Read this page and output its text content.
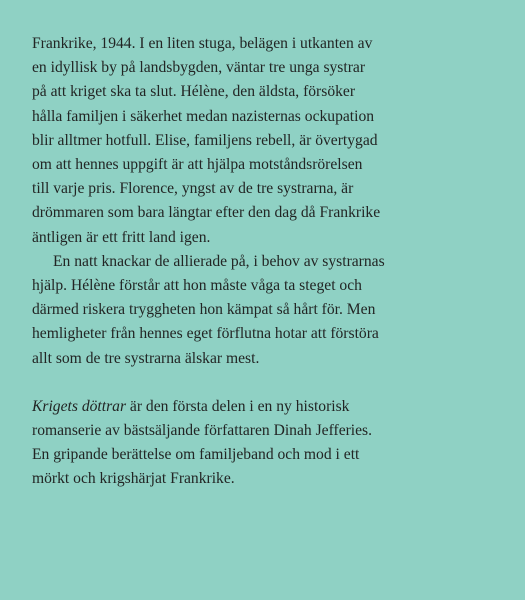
Frankrike, 1944. I en liten stuga, belägen i utkanten av
en idyllisk by på landsbygden, väntar tre unga systrar
på att kriget ska ta slut. Hélène, den äldsta, försöker
hålla familjen i säkerhet medan nazisternas ockupation
blir alltmer hotfull. Elise, familjens rebell, är övertygad
om att hennes uppgift är att hjälpa motståndsrörelsen
till varje pris. Florence, yngst av de tre systrarna, är
drömmaren som bara längtar efter den dag då Frankrike
äntligen är ett fritt land igen.
En natt knackar de allierade på, i behov av systrarnas
hjälp. Hélène förstår att hon måste våga ta steget och
därmed riskera tryggheten hon kämpat så hårt för. Men
hemligheter från hennes eget förflutna hotar att förstöra
allt som de tre systrarna älskar mest.
Krigets döttrar är den första delen i en ny historisk
romanserie av bästsäljande författaren Dinah Jefferies.
En gripande berättelse om familjeband och mod i ett
mörkt och krigshärjat Frankrike.
